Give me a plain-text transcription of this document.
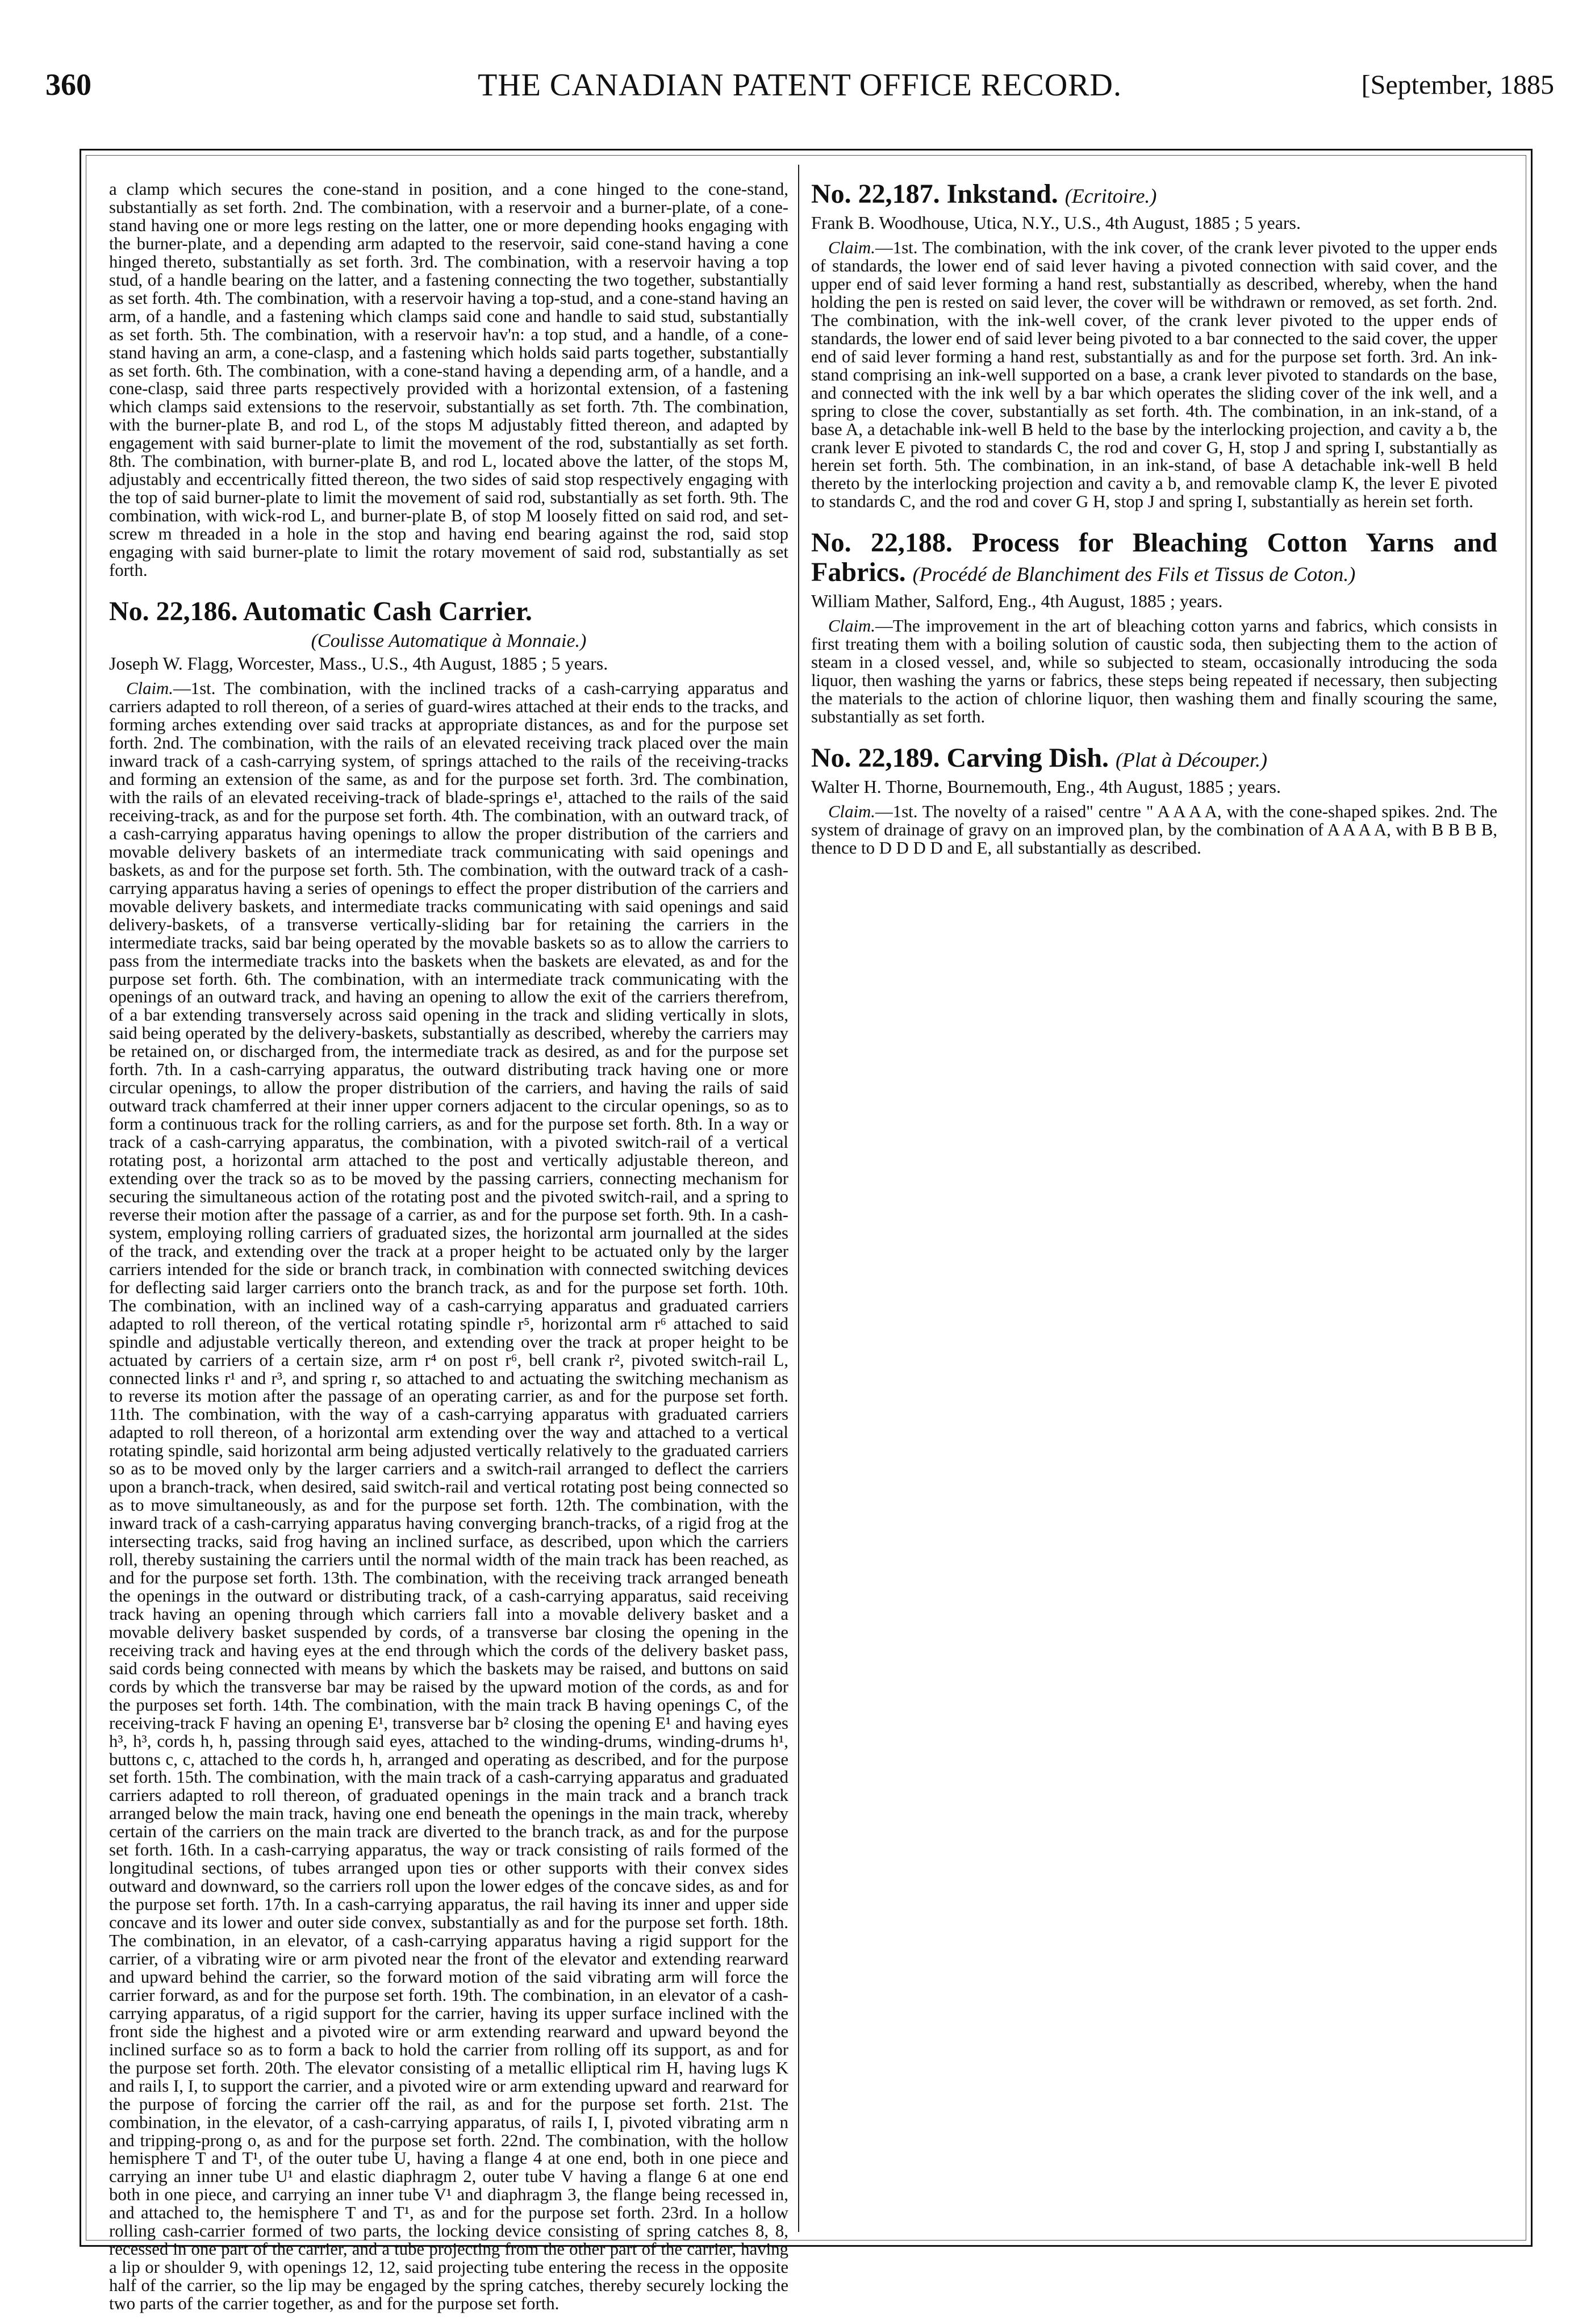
360	THE CANADIAN PATENT OFFICE RECORD.	[September, 1885

a clamp which secures the cone-stand in position, and a cone hinged to the cone-stand, substantially as set forth. 2nd. The combination, with a reservoir and a burner-plate, of a cone-stand having one or more legs resting on the latter, one or more depending hooks engaging with the burner-plate, and a depending arm adapted to the reservoir, said cone-stand having a cone hinged thereto, substantially as set forth. 3rd. The combination, with a reservoir having a top stud, of a handle bearing on the latter, and a fastening connecting the two together, substantially as set forth. 4th. The combination, with a reservoir having a top-stud, and a cone-stand having an arm, of a handle, and a fastening which clamps said cone and handle to said stud, substantially as set forth. 5th. The combination, with a reservoir hav'n: a top stud, and a handle, of a cone-stand having an arm, a cone-clasp, and a fastening which holds said parts together, substantially as set forth. 6th. The combination, with a cone-stand having a depending arm, of a handle, and a cone-clasp, said three parts respectively provided with a horizontal extension, of a fastening which clamps said extensions to the reservoir, substantially as set forth. 7th. The combination, with the burner-plate B, and rod L, of the stops M adjustably fitted thereon, and adapted by engagement with said burner-plate to limit the movement of the rod, substantially as set forth. 8th. The combination, with burner-plate B, and rod L, located above the latter, of the stops M, adjustably and eccentrically fitted thereon, the two sides of said stop respectively engaging with the top of said burner-plate to limit the movement of said rod, substantially as set forth. 9th. The combination, with wick-rod L, and burner-plate B, of stop M loosely fitted on said rod, and set-screw m threaded in a hole in the stop and having end bearing against the rod, said stop engaging with said burner-plate to limit the rotary movement of said rod, substantially as set forth.

No. 22,186. Automatic Cash Carrier.
(Coulisse Automatique à Monnaie.)
Joseph W. Flagg, Worcester, Mass., U.S., 4th August, 1885 ; 5 years.

Claim.—1st. The combination, with the inclined tracks of a cash-carrying apparatus and carriers adapted to roll thereon, of a series of guard-wires attached at their ends to the tracks, and forming arches extending over said tracks at appropriate distances, as and for the purpose set forth. 2nd. The combination, with the rails of an elevated receiving track placed over the main inward track of a cash-carrying system, of springs attached to the rails of the receiving-tracks and forming an extension of the same, as and for the purpose set forth. 3rd. The combination, with the rails of an elevated receiving-track of blade-springs e¹, attached to the rails of the said receiving-track, as and for the purpose set forth. 4th. The combination, with an outward track, of a cash-carrying apparatus having openings to allow the proper distribution of the carriers and movable delivery baskets of an intermediate track communicating with said openings and baskets, as and for the purpose set forth. 5th. The combination, with the outward track of a cash-carrying apparatus having a series of openings to effect the proper distribution of the carriers and movable delivery baskets, and intermediate tracks communicating with said openings and said delivery-baskets, of a transverse vertically-sliding bar for retaining the carriers in the intermediate tracks, said bar being operated by the movable baskets so as to allow the carriers to pass from the intermediate tracks into the baskets when the baskets are elevated, as and for the purpose set forth. 6th. The combination, with an intermediate track communicating with the openings of an outward track, and having an opening to allow the exit of the carriers therefrom, of a bar extending transversely across said opening in the track and sliding vertically in slots, said being operated by the delivery-baskets, substantially as described, whereby the carriers may be retained on, or discharged from, the intermediate track as desired, as and for the purpose set forth. 7th. In a cash-carrying apparatus, the outward distributing track having one or more circular openings, to allow the proper distribution of the carriers, and having the rails of said outward track chamferred at their inner upper corners adjacent to the circular openings, so as to form a continuous track for the rolling carriers, as and for the purpose set forth. 8th. In a way or track of a cash-carrying apparatus, the combination, with a pivoted switch-rail of a vertical rotating post, a horizontal arm attached to the post and vertically adjustable thereon, and extending over the track so as to be moved by the passing carriers, connecting mechanism for securing the simultaneous action of the rotating post and the pivoted switch-rail, and a spring to reverse their motion after the passage of a carrier, as and for the purpose set forth. 9th. In a cash-system, employing rolling carriers of graduated sizes, the horizontal arm journalled at the sides of the track, and extending over the track at a proper height to be actuated only by the larger carriers intended for the side or branch track, in combination with connected switching devices for deflecting said larger carriers onto the branch track, as and for the purpose set forth. 10th. The combination, with an inclined way of a cash-carrying apparatus and graduated carriers adapted to roll thereon, of the vertical rotating spindle r⁵, horizontal arm r⁶ attached to said spindle and adjustable vertically thereon, and extending over the track at proper height to be actuated by carriers of a certain size, arm r⁴ on post r⁶, bell crank r², pivoted switch-rail L, connected links r¹ and r³, and spring r, so attached to and actuating the switching mechanism as to reverse its motion after the passage of an operating carrier, as and for the purpose set forth. 11th. The combination, with the way of a cash-carrying apparatus with graduated carriers adapted to roll thereon, of a horizontal arm extending over the way and attached to a vertical rotating spindle, said horizontal arm being adjusted vertically relatively to the graduated carriers so as to be moved only by the larger carriers and a switch-rail arranged to deflect the carriers upon a branch-track, when desired, said switch-rail and vertical rotating post being connected so as to move simultaneously, as and for the purpose set forth. 12th. The combination, with the inward track of a cash-carrying apparatus having converging branch-tracks, of a rigid frog at the intersecting tracks, said frog having an inclined surface, as described, upon which the carriers roll, thereby sustaining the carriers until the normal width of the main track has been reached, as and for the purpose set forth. 13th. The combination, with the receiving track arranged beneath the openings in the outward or distributing track, of a cash-carrying apparatus, said receiving track having an opening through which carriers fall into a movable delivery basket and a movable delivery basket suspended by cords, of a transverse bar closing the opening in the receiving track and having eyes at the end through which the cords of the delivery basket pass, said cords being connected with means by which the baskets may be raised, and buttons on said cords by which the transverse bar may be raised by the upward motion of the cords, as and for the purposes set forth. 14th. The combination, with the main track B having openings C, of the receiving-track F having an opening E¹, transverse bar b² closing the opening E¹ and having eyes h³, h³, cords h, h, passing through said eyes, attached to the winding-drums, winding-drums h¹, buttons c, c, attached to the cords h, h, arranged and operating as described, and for the purpose set forth. 15th. The combination, with the main track of a cash-carrying apparatus and graduated carriers adapted to roll thereon, of graduated openings in the main track and a branch track arranged below the main track, having one end beneath the openings in the main track, whereby certain of the carriers on the main track are diverted to the branch track, as and for the purpose set forth. 16th. In a cash-carrying apparatus, the way or track consisting of rails formed of the longitudinal sections, of tubes arranged upon ties or other supports with their convex sides outward and downward, so the carriers roll upon the lower edges of the concave sides, as and for the purpose set forth. 17th. In a cash-carrying apparatus, the rail having its inner and upper side concave and its lower and outer side convex, substantially as and for the purpose set forth. 18th. The combination, in an elevator, of a cash-carrying apparatus having a rigid support for the carrier, of a vibrating wire or arm pivoted near the front of the elevator and extending rearward and upward behind the carrier, so the forward motion of the said vibrating arm will force the carrier forward, as and for the purpose set forth. 19th. The combination, in an elevator of a cash-carrying apparatus, of a rigid support for the carrier, having its upper surface inclined with the front side the highest and a pivoted wire or arm extending rearward and upward beyond the inclined surface so as to form a back to hold the carrier from rolling off its support, as and for the purpose set forth. 20th. The elevator consisting of a metallic elliptical rim H, having lugs K and rails I, I, to support the carrier, and a pivoted wire or arm extending upward and rearward for the purpose of forcing the carrier off the rail, as and for the purpose set forth. 21st. The combination, in the elevator, of a cash-carrying apparatus, of rails I, I, pivoted vibrating arm n and tripping-prong o, as and for the purpose set forth. 22nd. The combination, with the hollow hemisphere T and T¹, of the outer tube U, having a flange 4 at one end, both in one piece and carrying an inner tube U¹ and elastic diaphragm 2, outer tube V having a flange 6 at one end both in one piece, and carrying an inner tube V¹ and diaphragm 3, the flange being recessed in, and attached to, the hemisphere T and T¹, as and for the purpose set forth. 23rd. In a hollow rolling cash-carrier formed of two parts, the locking device consisting of spring catches 8, 8, recessed in one part of the carrier, and a tube projecting from the other part of the carrier, having a lip or shoulder 9, with openings 12, 12, said projecting tube entering the recess in the opposite half of the carrier, so the lip may be engaged by the spring catches, thereby securely locking the two parts of the carrier together, as and for the purpose set forth.

No. 22,187. Inkstand. (Ecritoire.)
Frank B. Woodhouse, Utica, N.Y., U.S., 4th August, 1885 ; 5 years.

Claim.—1st. The combination, with the ink cover, of the crank lever pivoted to the upper ends of standards, the lower end of said lever having a pivoted connection with said cover, and the upper end of said lever forming a hand rest, substantially as described, whereby, when the hand holding the pen is rested on said lever, the cover will be withdrawn or removed, as set forth. 2nd. The combination, with the ink-well cover, of the crank lever pivoted to the upper ends of standards, the lower end of said lever being pivoted to a bar connected to the said cover, the upper end of said lever forming a hand rest, substantially as and for the purpose set forth. 3rd. An ink-stand comprising an ink-well supported on a base, a crank lever pivoted to standards on the base, and connected with the ink well by a bar which operates the sliding cover of the ink well, and a spring to close the cover, substantially as set forth. 4th. The combination, in an ink-stand, of a base A, a detachable ink-well B held to the base by the interlocking projection, and cavity a b, the crank lever E pivoted to standards C, the rod and cover G, H, stop J and spring I, substantially as herein set forth. 5th. The combination, in an ink-stand, of base A detachable ink-well B held thereto by the interlocking projection and cavity a b, and removable clamp K, the lever E pivoted to standards C, and the rod and cover G H, stop J and spring I, substantially as herein set forth.

No. 22,188. Process for Bleaching Cotton Yarns and Fabrics. (Procédé de Blanchiment des Fils et Tissus de Coton.)
William Mather, Salford, Eng., 4th August, 1885 ; years.

Claim.—The improvement in the art of bleaching cotton yarns and fabrics, which consists in first treating them with a boiling solution of caustic soda, then subjecting them to the action of steam in a closed vessel, and, while so subjected to steam, occasionally introducing the soda liquor, then washing the yarns or fabrics, these steps being repeated if necessary, then subjecting the materials to the action of chlorine liquor, then washing them and finally scouring the same, substantially as set forth.

No. 22,189. Carving Dish. (Plat à Découper.)
Walter H. Thorne, Bournemouth, Eng., 4th August, 1885 ; years.

Claim.—1st. The novelty of a raised" centre " A A A A, with the cone-shaped spikes. 2nd. The system of drainage of gravy on an improved plan, by the combination of A A A A, with B B B B, thence to D D D D and E, all substantially as described.
